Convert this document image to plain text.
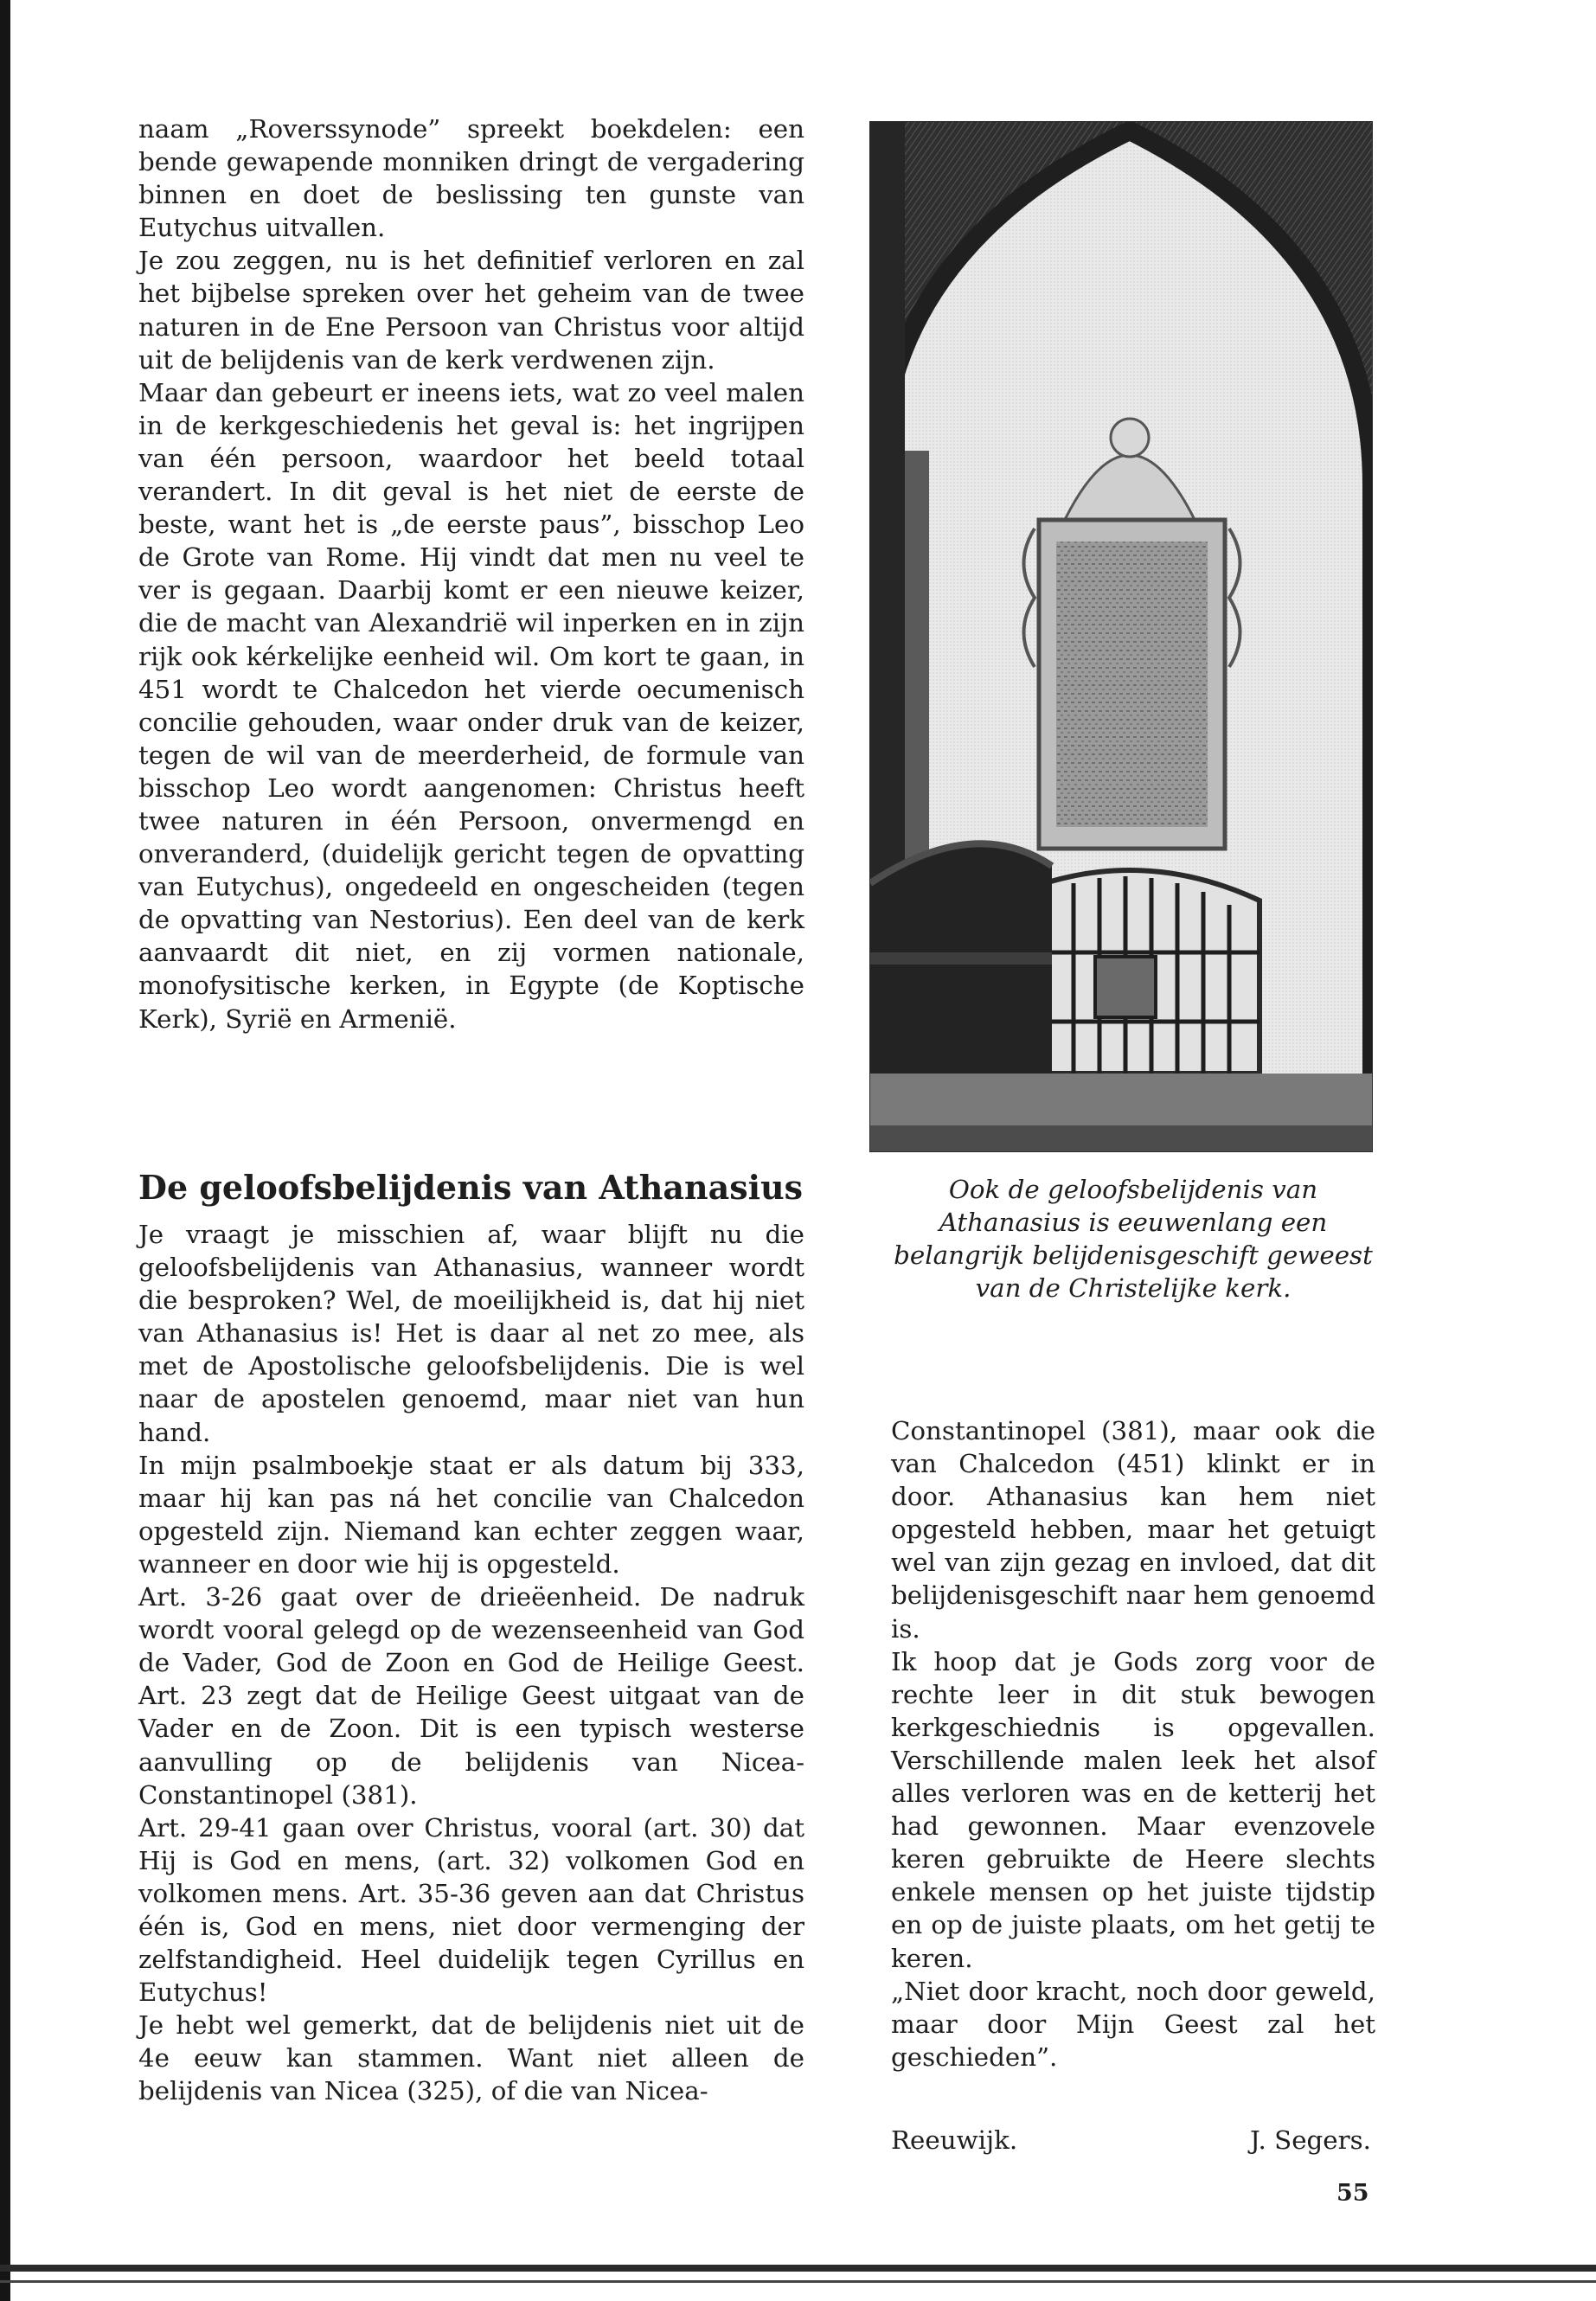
naam „Roverssynode” spreekt boekdelen: een bende gewapende monniken dringt de vergadering binnen en doet de beslissing ten gunste van Eutychus uitvallen.

Je zou zeggen, nu is het definitief verloren en zal het bijbelse spreken over het geheim van de twee naturen in de Ene Persoon van Christus voor altijd uit de belijdenis van de kerk verdwenen zijn.

Maar dan gebeurt er ineens iets, wat zo veel malen in de kerkgeschiedenis het geval is: het ingrijpen van één persoon, waardoor het beeld totaal verandert. In dit geval is het niet de eerste de beste, want het is „de eerste paus”, bisschop Leo de Grote van Rome. Hij vindt dat men nu veel te ver is gegaan. Daarbij komt er een nieuwe keizer, die de macht van Alexandrië wil inperken en in zijn rijk ook kérkelijke eenheid wil. Om kort te gaan, in 451 wordt te Chalcedon het vierde oecumenisch concilie gehouden, waar onder druk van de keizer, tegen de wil van de meerderheid, de formule van bisschop Leo wordt aangenomen: Christus heeft twee naturen in één Persoon, onvermengd en onveranderd, (duidelijk gericht tegen de opvatting van Eutychus), ongedeeld en ongescheiden (tegen de opvatting van Nestorius). Een deel van de kerk aanvaardt dit niet, en zij vormen nationale, monofysitische kerken, in Egypte (de Koptische Kerk), Syrië en Armenië.

De geloofsbelijdenis van Athanasius

Je vraagt je misschien af, waar blijft nu die geloofsbelijdenis van Athanasius, wanneer wordt die besproken? Wel, de moeilijkheid is, dat hij niet van Athanasius is! Het is daar al net zo mee, als met de Apostolische geloofsbelijdenis. Die is wel naar de apostelen genoemd, maar niet van hun hand.

In mijn psalmboekje staat er als datum bij 333, maar hij kan pas ná het concilie van Chalcedon opgesteld zijn. Niemand kan echter zeggen waar, wanneer en door wie hij is opgesteld.

Art. 3-26 gaat over de drieëenheid. De nadruk wordt vooral gelegd op de wezenseenheid van God de Vader, God de Zoon en God de Heilige Geest. Art. 23 zegt dat de Heilige Geest uitgaat van de Vader en de Zoon. Dit is een typisch westerse aanvulling op de belijdenis van Nicea-Constantinopel (381).

Art. 29-41 gaan over Christus, vooral (art. 30) dat Hij is God en mens, (art. 32) volkomen God en volkomen mens. Art. 35-36 geven aan dat Christus één is, God en mens, niet door vermenging der zelfstandigheid. Heel duidelijk tegen Cyrillus en Eutychus!

Je hebt wel gemerkt, dat de belijdenis niet uit de 4e eeuw kan stammen. Want niet alleen de belijdenis van Nicea (325), of die van Nicea-

Ook de geloofsbelijdenis van Athanasius is eeuwenlang een belangrijk belijdenisgeschift geweest van de Christelijke kerk.

Constantinopel (381), maar ook die van Chalcedon (451) klinkt er in door. Athanasius kan hem niet opgesteld hebben, maar het getuigt wel van zijn gezag en invloed, dat dit belijdenisgeschift naar hem genoemd is.

Ik hoop dat je Gods zorg voor de rechte leer in dit stuk bewogen kerkgeschiednis is opgevallen. Verschillende malen leek het alsof alles verloren was en de ketterij het had gewonnen. Maar evenzovele keren gebruikte de Heere slechts enkele mensen op het juiste tijdstip en op de juiste plaats, om het getij te keren.

„Niet door kracht, noch door geweld, maar door Mijn Geest zal het geschieden”.

Reeuwijk.	J. Segers.
55
